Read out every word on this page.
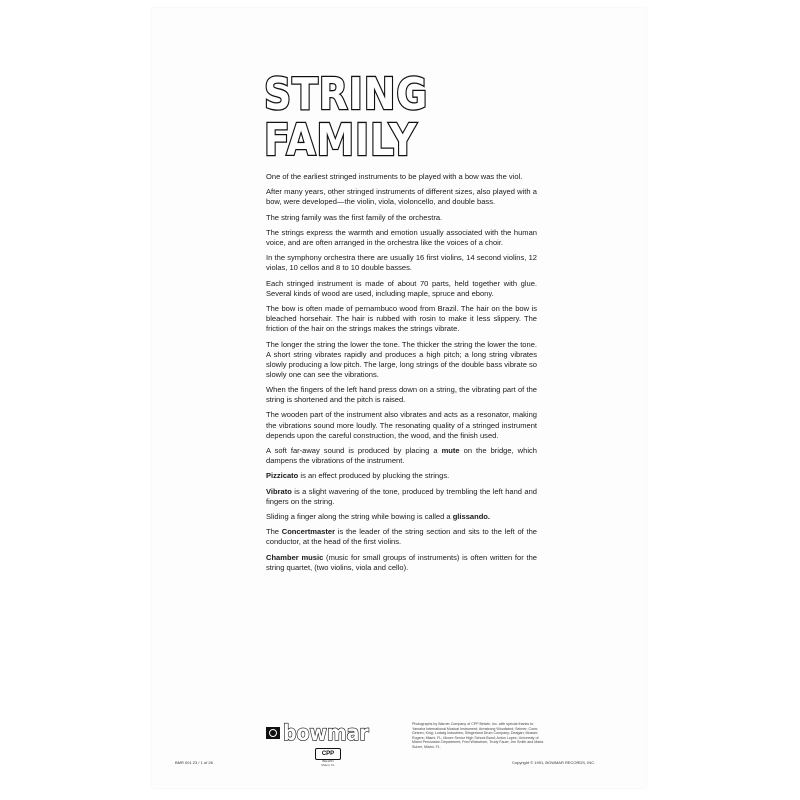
STRING
FAMILY

One of the earliest stringed instruments to be played with a bow was the viol.

After many years, other stringed instruments of different sizes, also played with a bow, were developed—the violin, viola, violoncello, and double bass.

The string family was the first family of the orchestra.

The strings express the warmth and emotion usually associated with the human voice, and are often arranged in the orchestra like the voices of a choir.

In the symphony orchestra there are usually 16 first violins, 14 second violins, 12 violas, 10 cellos and 8 to 10 double basses.

Each stringed instrument is made of about 70 parts, held together with glue. Several kinds of wood are used, including maple, spruce and ebony.

The bow is often made of pernambuco wood from Brazil. The hair on the bow is bleached horsehair. The hair is rubbed with rosin to make it less slippery. The friction of the hair on the strings makes the strings vibrate.

The longer the string the lower the tone. The thicker the string the lower the tone. A short string vibrates rapidly and produces a high pitch; a long string vibrates slowly producing a low pitch. The large, long strings of the double bass vibrate so slowly one can see the vibrations.

When the fingers of the left hand press down on a string, the vibrating part of the string is shortened and the pitch is raised.

The wooden part of the instrument also vibrates and acts as a resonator, making the vibrations sound more loudly. The resonating quality of a stringed instrument depends upon the careful construction, the wood, and the finish used.

A soft far-away sound is produced by placing a mute on the bridge, which dampens the vibrations of the instrument.

Pizzicato is an effect produced by plucking the strings.

Vibrato is a slight wavering of the tone, produced by trembling the left hand and fingers on the string.

Sliding a finger along the string while bowing is called a glissando.

The Concertmaster is the leader of the string section and sits to the left of the conductor, at the head of the first violins.

Chamber music (music for small groups of instruments) is often written for the string quartet, (two violins, viola and cello).

bowmar	Photographs by Warner Company of CPP Belwin, Inc. with special thanks to: Yamaha International Musical Instrument; Armstrong Woodwind; Selmer; Conn; Getzen; King; Ludwig Industries; Slingerland Drum Company; Deagan; Musser; Rogers; Miami, FL; Moore Senior High School Band; Anton Lopez; University of Miami Percussion Department; Fred Wickstrom, Trudy Fauer, Jim Smith and Maria Sulzer, Miami, FL.
CPP
BELWIN
Miami, FL
BMR 001 23 / 1 of 26	Copyright © 1991, BOWMAR RECORDS, INC.
